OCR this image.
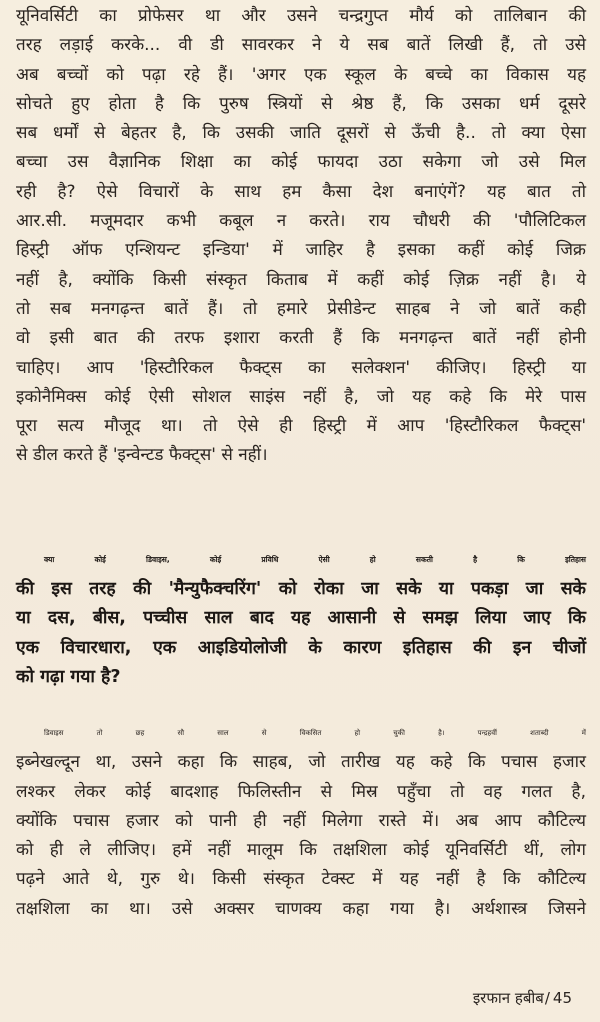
यूनिवर्सिटी का प्रोफेसर था और उसने चन्द्रगुप्त मौर्य को तालिबान की
तरह लड़ाई करके... वी डी सावरकर ने ये सब बातें लिखी हैं, तो उसे
अब बच्चों को पढ़ा रहे हैं। 'अगर एक स्कूल के बच्चे का विकास यह
सोचते हुए होता है कि पुरुष स्त्रियों से श्रेष्ठ हैं, कि उसका धर्म दूसरे
सब धर्मों से बेहतर है, कि उसकी जाति दूसरों से ऊँची है.. तो क्या ऐसा
बच्चा उस वैज्ञानिक शिक्षा का कोई फायदा उठा सकेगा जो उसे मिल
रही है? ऐसे विचारों के साथ हम कैसा देश बनाएंगें? यह बात तो
आर.सी. मजूमदार कभी कबूल न करते। राय चौधरी की 'पौलिटिकल
हिस्ट्री ऑफ एन्शियन्ट इन्डिया' में जाहिर है इसका कहीं कोई जिक्र
नहीं है, क्योंकि किसी संस्कृत किताब में कहीं कोई ज़िक्र नहीं है। ये
तो सब मनगढ़न्त बातें हैं। तो हमारे प्रेसीडेन्ट साहब ने जो बातें कही
वो इसी बात की तरफ इशारा करती हैं कि मनगढ़न्त बातें नहीं होनी
चाहिए। आप 'हिस्टौरिकल फैक्ट्स का सलेक्शन' कीजिए। हिस्ट्री या
इकोनैमिक्स कोई ऐसी सोशल साइंस नहीं है, जो यह कहे कि मेरे पास
पूरा सत्य मौजूद था। तो ऐसे ही हिस्ट्री में आप 'हिस्टौरिकल फैक्ट्स'
से डील करते हैं 'इन्वेन्टड फैक्ट्स' से नहीं।
क्या कोई डिवाइस, कोई प्रविधि ऐसी हो सकती है कि इतिहास
की इस तरह की 'मैन्युफैक्चरिंग' को रोका जा सके या पकड़ा जा सके
या दस, बीस, पच्चीस साल बाद यह आसानी से समझ लिया जाए कि
एक विचारधारा, एक आइडियोलोजी के कारण इतिहास की इन चीजों
को गढ़ा गया है?
डिवाइस तो छह सौ साल से विकसित हो चुकी है। पन्द्रहवीं शताब्दी में
इब्नेखल्दून था, उसने कहा कि साहब, जो तारीख यह कहे कि पचास हजार
लश्कर लेकर कोई बादशाह फिलिस्तीन से मिस्र पहुँचा तो वह गलत है,
क्योंकि पचास हजार को पानी ही नहीं मिलेगा रास्ते में। अब आप कौटिल्य
को ही ले लीजिए। हमें नहीं मालूम कि तक्षशिला कोई यूनिवर्सिटी थीं, लोग
पढ़ने आते थे, गुरु थे। किसी संस्कृत टेक्स्ट में यह नहीं है कि कौटिल्य
तक्षशिला का था। उसे अक्सर चाणक्य कहा गया है। अर्थशास्त्र जिसने
इरफान हबीब/ 45
